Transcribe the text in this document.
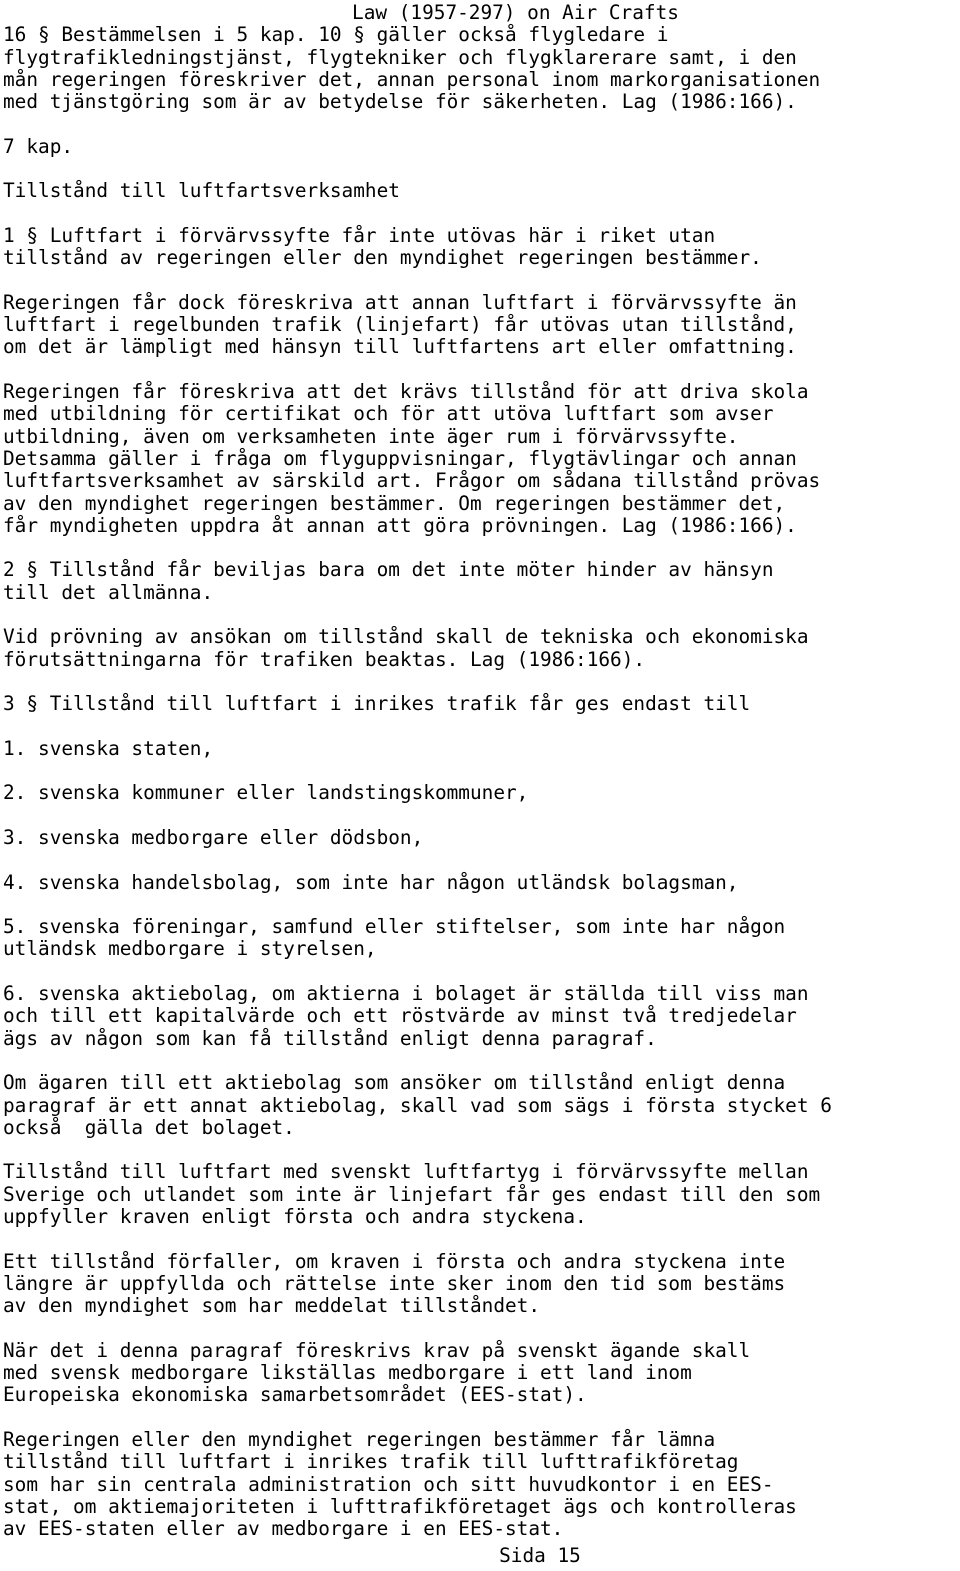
Law (1957-297) on Air Crafts
16 § Bestämmelsen i 5 kap. 10 § gäller också flygledare i
flygtrafikledningstjänst, flygtekniker och flygklarerare samt, i den
mån regeringen föreskriver det, annan personal inom markorganisationen
med tjänstgöring som är av betydelse för säkerheten. Lag (1986:166).
7 kap.
Tillstånd till luftfartsverksamhet
1 § Luftfart i förvärvssyfte får inte utövas här i riket utan
tillstånd av regeringen eller den myndighet regeringen bestämmer.
Regeringen får dock föreskriva att annan luftfart i förvärvssyfte än
luftfart i regelbunden trafik (linjefart) får utövas utan tillstånd,
om det är lämpligt med hänsyn till luftfartens art eller omfattning.
Regeringen får föreskriva att det krävs tillstånd för att driva skola
med utbildning för certifikat och för att utöva luftfart som avser
utbildning, även om verksamheten inte äger rum i förvärvssyfte.
Detsamma gäller i fråga om flyguppvisningar, flygtävlingar och annan
luftfartsverksamhet av särskild art. Frågor om sådana tillstånd prövas
av den myndighet regeringen bestämmer. Om regeringen bestämmer det,
får myndigheten uppdra åt annan att göra prövningen. Lag (1986:166).
2 § Tillstånd får beviljas bara om det inte möter hinder av hänsyn
till det allmänna.
Vid prövning av ansökan om tillstånd skall de tekniska och ekonomiska
förutsättningarna för trafiken beaktas. Lag (1986:166).
3 § Tillstånd till luftfart i inrikes trafik får ges endast till
1. svenska staten,
2. svenska kommuner eller landstingskommuner,
3. svenska medborgare eller dödsbon,
4. svenska handelsbolag, som inte har någon utländsk bolagsman,
5. svenska föreningar, samfund eller stiftelser, som inte har någon
utländsk medborgare i styrelsen,
6. svenska aktiebolag, om aktierna i bolaget är ställda till viss man
och till ett kapitalvärde och ett röstvärde av minst två tredjedelar
ägs av någon som kan få tillstånd enligt denna paragraf.
Om ägaren till ett aktiebolag som ansöker om tillstånd enligt denna
paragraf är ett annat aktiebolag, skall vad som sägs i första stycket 6
också  gälla det bolaget.
Tillstånd till luftfart med svenskt luftfartyg i förvärvssyfte mellan
Sverige och utlandet som inte är linjefart får ges endast till den som
uppfyller kraven enligt första och andra styckena.
Ett tillstånd förfaller, om kraven i första och andra styckena inte
längre är uppfyllda och rättelse inte sker inom den tid som bestäms
av den myndighet som har meddelat tillståndet.
När det i denna paragraf föreskrivs krav på svenskt ägande skall
med svensk medborgare likställas medborgare i ett land inom
Europeiska ekonomiska samarbetsområdet (EES-stat).
Regeringen eller den myndighet regeringen bestämmer får lämna
tillstånd till luftfart i inrikes trafik till lufttrafikföretag
som har sin centrala administration och sitt huvudkontor i en EES-
stat, om aktiemajoriteten i lufttrafikföretaget ägs och kontrolleras
av EES-staten eller av medborgare i en EES-stat.
Sida 15
